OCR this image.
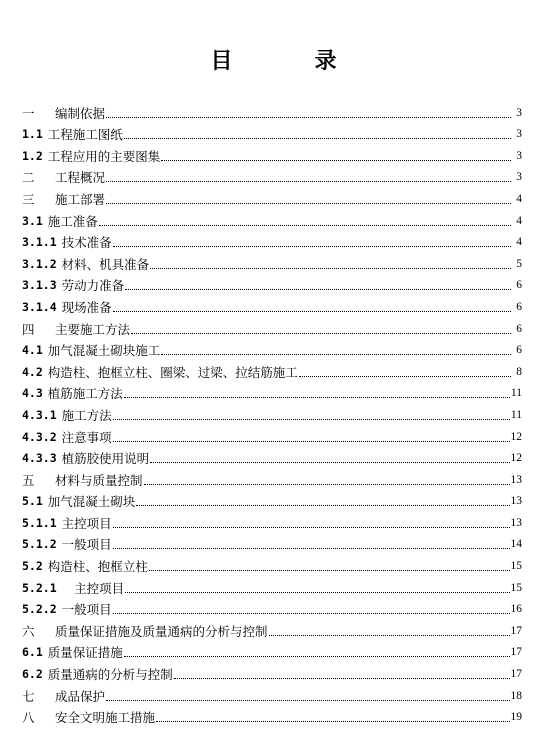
目　录
一	编制依据	3
1.1 工程施工图纸	3
1.2 工程应用的主要图集	3
二	工程概况	3
三	施工部署	4
3.1 施工准备	4
3.1.1 技术准备	4
3.1.2 材料、机具准备	5
3.1.3 劳动力准备	6
3.1.4 现场准备	6
四	主要施工方法	6
4.1 加气混凝土砌块施工	6
4.2 构造柱、抱框立柱、圈梁、过梁、拉结筋施工	8
4.3 植筋施工方法	11
4.3.1 施工方法	11
4.3.2 注意事项	12
4.3.3 植筋胶使用说明	12
五	材料与质量控制	13
5.1 加气混凝土砌块	13
5.1.1 主控项目	13
5.1.2 一般项目	14
5.2 构造柱、抱框立柱	15
5.2.1 　主控项目	15
5.2.2 一般项目	16
六	质量保证措施及质量通病的分析与控制	17
6.1 质量保证措施	17
6.2 质量通病的分析与控制	17
七	成品保护	18
八	安全文明施工措施	19
